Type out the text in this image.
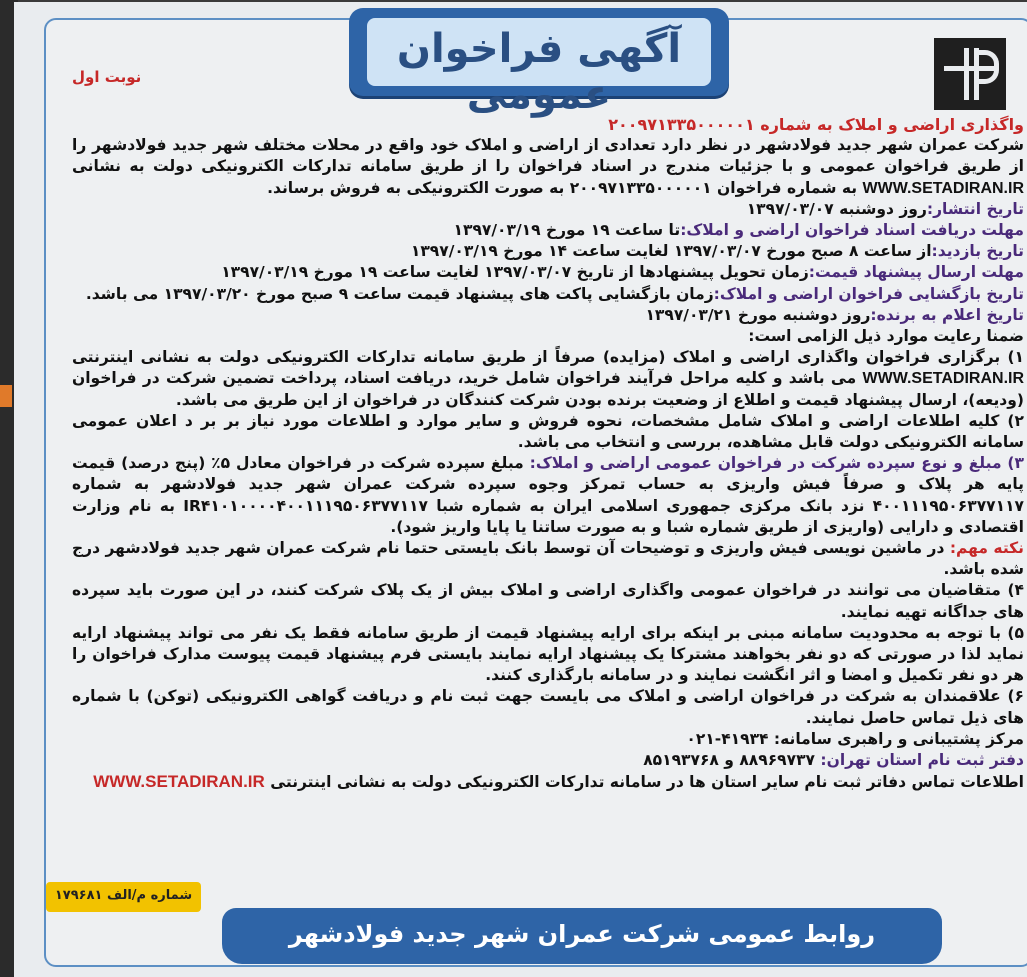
آگهی فراخوان عمومی
نوبت اول

واگذاری اراضی و املاک به شماره ۲۰۰۹۷۱۳۳۵۰۰۰۰۰۱

شرکت عمران شهر جدید فولادشهر در نظر دارد تعدادی از اراضی و املاک خود واقع در محلات مختلف شهر جدید فولادشهر را از طریق فراخوان عمومی و با جزئیات مندرج در اسناد فراخوان را از طریق سامانه تدارکات الکترونیکی دولت به نشانی WWW.SETADIRAN.IR به شماره فراخوان ۲۰۰۹۷۱۳۳۵۰۰۰۰۰۱ به صورت الکترونیکی به فروش برساند.

تاریخ انتشار:روز دوشنبه ۱۳۹۷/۰۳/۰۷

مهلت دریافت اسناد فراخوان اراضی و املاک:تا ساعت ۱۹ مورخ ۱۳۹۷/۰۳/۱۹

تاریخ بازدید:از ساعت ۸ صبح مورخ ۱۳۹۷/۰۳/۰۷ لغایت ساعت ۱۴ مورخ ۱۳۹۷/۰۳/۱۹

مهلت ارسال پیشنهاد قیمت:زمان تحویل پیشنهادها از تاریخ ۱۳۹۷/۰۳/۰۷ لغایت ساعت ۱۹ مورخ ۱۳۹۷/۰۳/۱۹

تاریخ بازگشایی فراخوان اراضی و املاک:زمان بازگشایی پاکت های پیشنهاد قیمت ساعت ۹ صبح مورخ ۱۳۹۷/۰۳/۲۰ می باشد.

تاریخ اعلام به برنده:روز دوشنبه مورخ ۱۳۹۷/۰۳/۲۱

ضمنا رعایت موارد ذیل الزامی است:

۱) برگزاری فراخوان واگذاری اراضی و املاک (مزایده) صرفاً از طریق سامانه تدارکات الکترونیکی دولت به نشانی اینترنتی WWW.SETADIRAN.IR می باشد و کلیه مراحل فرآیند فراخوان شامل خرید، دریافت اسناد، پرداخت تضمین شرکت در فراخوان (ودیعه)، ارسال پیشنهاد قیمت و اطلاع از وضعیت برنده بودن شرکت کنندگان در فراخوان از این طریق می باشد.

۲) کلیه اطلاعات اراضی و املاک شامل مشخصات، نحوه فروش و سایر موارد و اطلاعات مورد نیاز بر بر د اعلان عمومی سامانه الکترونیکی دولت قابل مشاهده، بررسی و انتخاب می باشد.

۳) مبلغ و نوع سپرده شرکت در فراخوان عمومی اراضی و املاک: مبلغ سپرده شرکت در فراخوان معادل ۵٪ (پنج درصد) قیمت پایه هر پلاک و صرفاً فیش واریزی به حساب تمرکز وجوه سپرده شرکت عمران شهر جدید فولادشهر به شماره ۴۰۰۱۱۱۹۵۰۶۳۷۷۱۱۷ نزد بانک مرکزی جمهوری اسلامی ایران به شماره شبا IR۴۱۰۱۰۰۰۰۴۰۰۱۱۱۹۵۰۶۳۷۷۱۱۷ به نام وزارت اقتصادی و دارایی (واریزی از طریق شماره شبا و به صورت ساتنا یا پایا واریز شود).

نکته مهم: در ماشین نویسی فیش واریزی و توضیحات آن توسط بانک بایستی حتما نام شرکت عمران شهر جدید فولادشهر درج شده باشد.

۴) متقاضیان می توانند در فراخوان عمومی واگذاری اراضی و املاک بیش از یک پلاک شرکت کنند، در این صورت باید سپرده های جداگانه تهیه نمایند.

۵) با توجه به محدودیت سامانه مبنی بر اینکه برای ارایه پیشنهاد قیمت از طریق سامانه فقط یک نفر می تواند پیشنهاد ارایه نماید لذا در صورتی که دو نفر بخواهند مشترکا یک پیشنهاد ارایه نمایند بایستی فرم پیشنهاد قیمت پیوست مدارک فراخوان را هر دو نفر تکمیل و امضا و اثر انگشت نمایند و در سامانه بارگذاری کنند.

۶) علاقمندان به شرکت در فراخوان اراضی و املاک می بایست جهت ثبت نام و دریافت گواهی الکترونیکی (توکن) با شماره های ذیل تماس حاصل نمایند.

مرکز پشتیبانی و راهبری سامانه: ۴۱۹۳۴-۰۲۱

دفتر ثبت نام استان تهران: ۸۸۹۶۹۷۳۷ و ۸۵۱۹۳۷۶۸

اطلاعات تماس دفاتر ثبت نام سایر استان ها در سامانه تدارکات الکترونیکی دولت به نشانی اینترنتی WWW.SETADIRAN.IR

شماره م/الف ۱۷۹۶۸۱
روابط عمومی شرکت عمران شهر جدید فولادشهر
